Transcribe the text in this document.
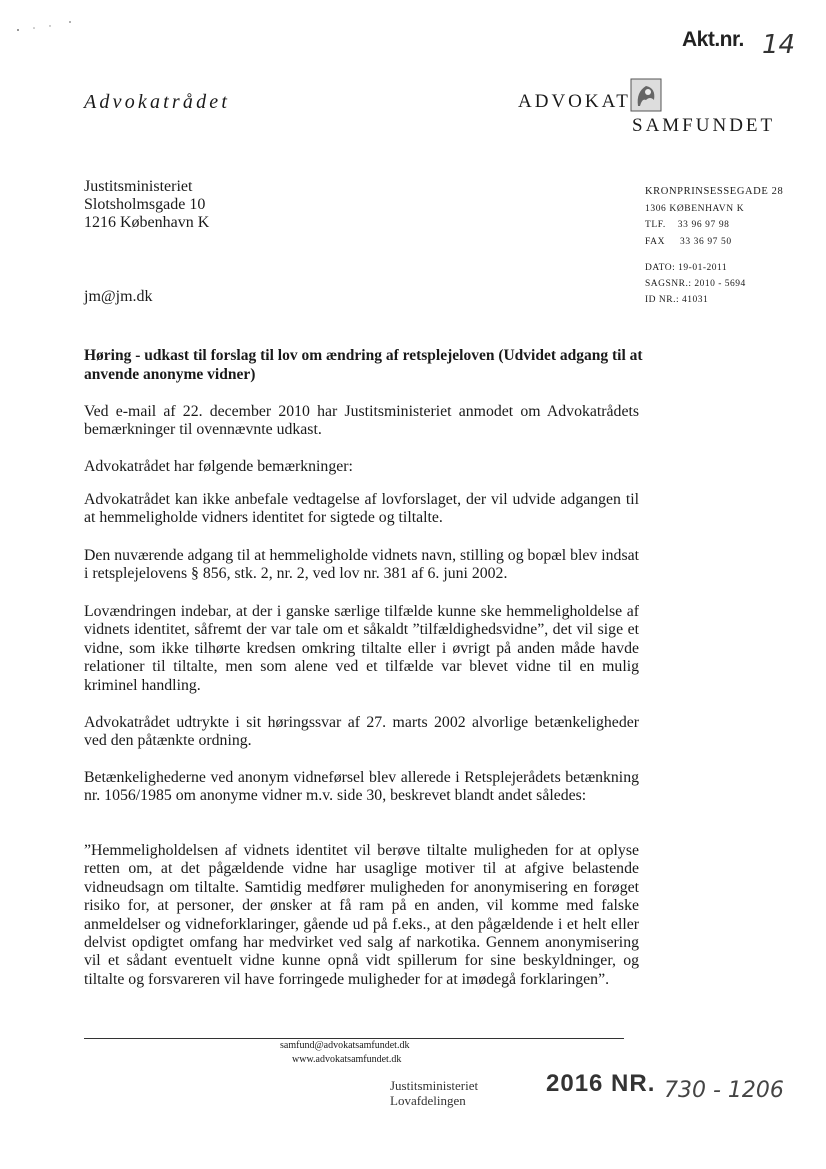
Akt.nr. 14
Advokatrådet	ADVOKAT
SAMFUNDET
Justitsministeriet
Slotsholmsgade 10
1216 København K
jm@jm.dk
KRONPRINSESSEGADE 28
1306 KØBENHAVN K
TLF.    33 96 97 98
FAX     33 36 97 50
DATO: 19-01-2011
SAGSNR.: 2010 - 5694
ID NR.: 41031
Høring - udkast til forslag til lov om ændring af retsplejeloven (Udvidet adgang til at anvende anonyme vidner)
Ved e-mail af 22. december 2010 har Justitsministeriet anmodet om Advokatrådets bemærkninger til ovennævnte udkast.
Advokatrådet har følgende bemærkninger:
Advokatrådet kan ikke anbefale vedtagelse af lovforslaget, der vil udvide adgangen til at hemmeligholde vidners identitet for sigtede og tiltalte.
Den nuværende adgang til at hemmeligholde vidnets navn, stilling og bopæl blev indsat i retsplejelovens § 856, stk. 2, nr. 2, ved lov nr. 381 af 6. juni 2002.
Lovændringen indebar, at der i ganske særlige tilfælde kunne ske hemmeligholdelse af vidnets identitet, såfremt der var tale om et såkaldt ”tilfældighedsvidne”, det vil sige et vidne, som ikke tilhørte kredsen omkring tiltalte eller i øvrigt på anden måde havde relationer til tiltalte, men som alene ved et tilfælde var blevet vidne til en mulig kriminel handling.
Advokatrådet udtrykte i sit høringssvar af 27. marts 2002 alvorlige betænkeligheder ved den påtænkte ordning.
Betænkelighederne ved anonym vidneførsel blev allerede i Retsplejerådets betænkning nr. 1056/1985 om anonyme vidner m.v. side 30, beskrevet blandt andet således:
”Hemmeligholdelsen af vidnets identitet vil berøve tiltalte muligheden for at oplyse retten om, at det pågældende vidne har usaglige motiver til at afgive belastende vidneudsagn om tiltalte. Samtidig medfører muligheden for anonymisering en forøget risiko for, at personer, der ønsker at få ram på en anden, vil komme med falske anmeldelser og vidneforklaringer, gående ud på f.eks., at den pågældende i et helt eller delvist opdigtet omfang har medvirket ved salg af narkotika. Gennem anonymisering vil et sådant eventuelt vidne kunne opnå vidt spillerum for sine beskyldninger, og tiltalte og forsvareren vil have forringede muligheder for at imødegå forklaringen”.
samfund@advokatsamfundet.dk
www.advokatsamfundet.dk
Justitsministeriet
Lovafdelingen
2016 NR. 730 - 1206
